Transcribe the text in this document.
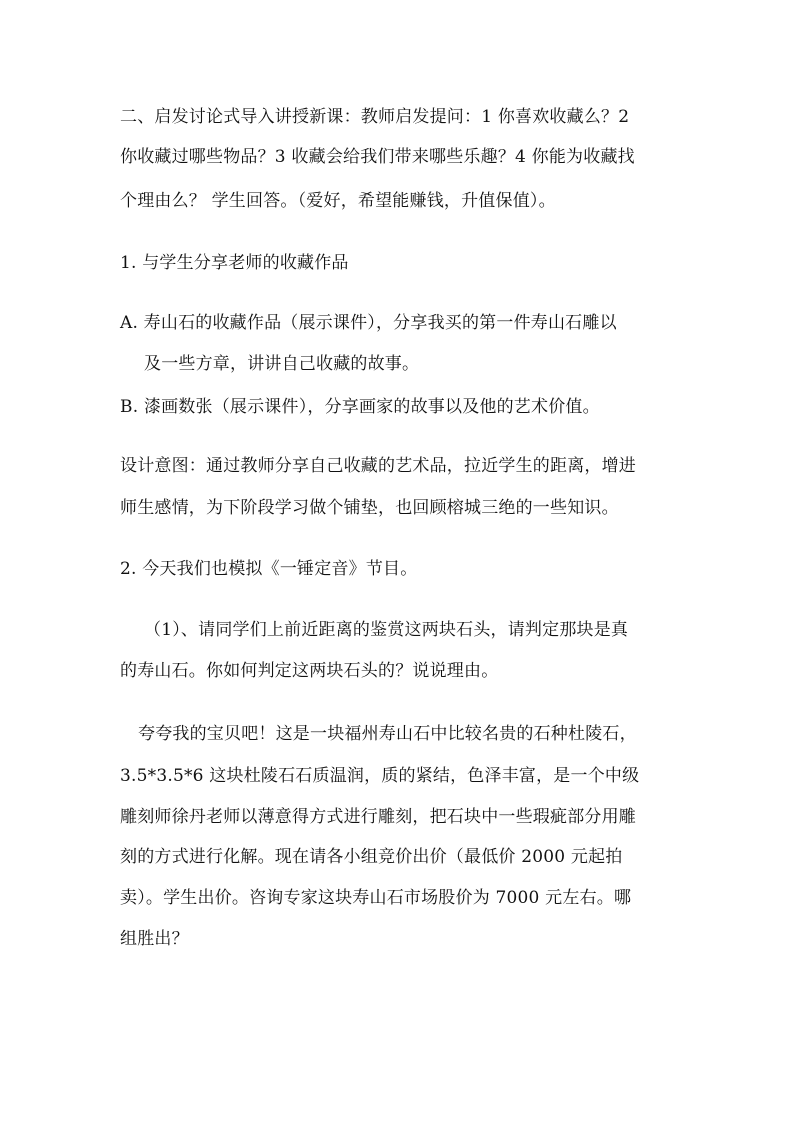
二、启发讨论式导入讲授新课：教师启发提问：1 你喜欢收藏么？2
你收藏过哪些物品？3 收藏会给我们带来哪些乐趣？4 你能为收藏找
个理由么？ 学生回答。（爱好，希望能赚钱，升值保值）。
1. 与学生分享老师的收藏作品
A. 寿山石的收藏作品（展示课件），分享我买的第一件寿山石雕以
及一些方章，讲讲自己收藏的故事。
B. 漆画数张（展示课件），分享画家的故事以及他的艺术价值。
设计意图：通过教师分享自己收藏的艺术品，拉近学生的距离，增进
师生感情，为下阶段学习做个铺垫，也回顾榕城三绝的一些知识。
2. 今天我们也模拟《一锤定音》节目。
（1）、请同学们上前近距离的鉴赏这两块石头，请判定那块是真
的寿山石。你如何判定这两块石头的？说说理由。
夸夸我的宝贝吧！这是一块福州寿山石中比较名贵的石种杜陵石，
3.5*3.5*6 这块杜陵石石质温润，质的紧结，色泽丰富，是一个中级
雕刻师徐丹老师以薄意得方式进行雕刻，把石块中一些瑕疵部分用雕
刻的方式进行化解。现在请各小组竞价出价（最低价 2000 元起拍
卖）。学生出价。咨询专家这块寿山石市场股价为 7000 元左右。哪
组胜出？
